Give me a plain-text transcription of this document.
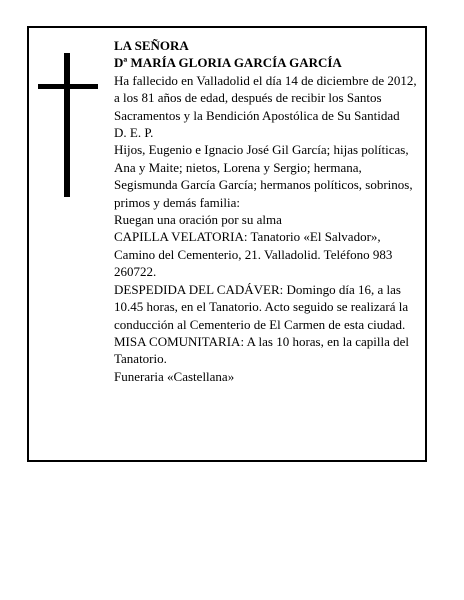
LA SEÑORA

Dª MARÍA GLORIA GARCÍA GARCÍA

Ha fallecido en Valladolid el día 14 de diciembre de 2012, a los 81 años de edad, después de recibir los Santos Sacramentos y la Bendición Apostólica de Su Santidad

D. E. P.

Hijos, Eugenio e Ignacio José Gil García; hijas políticas, Ana y Maite; nietos, Lorena y Sergio; hermana, Segismunda García García; hermanos políticos, sobrinos, primos y demás familia:

Ruegan una oración por su alma

CAPILLA VELATORIA: Tanatorio «El Salvador», Camino del Cementerio, 21. Valladolid. Teléfono 983 260722.

DESPEDIDA DEL CADÁVER: Domingo día 16, a las 10.45 horas, en el Tanatorio. Acto seguido se realizará la conducción al Cementerio de El Carmen de esta ciudad.

MISA COMUNITARIA: A las 10 horas, en la capilla del Tanatorio.

Funeraria «Castellana»
